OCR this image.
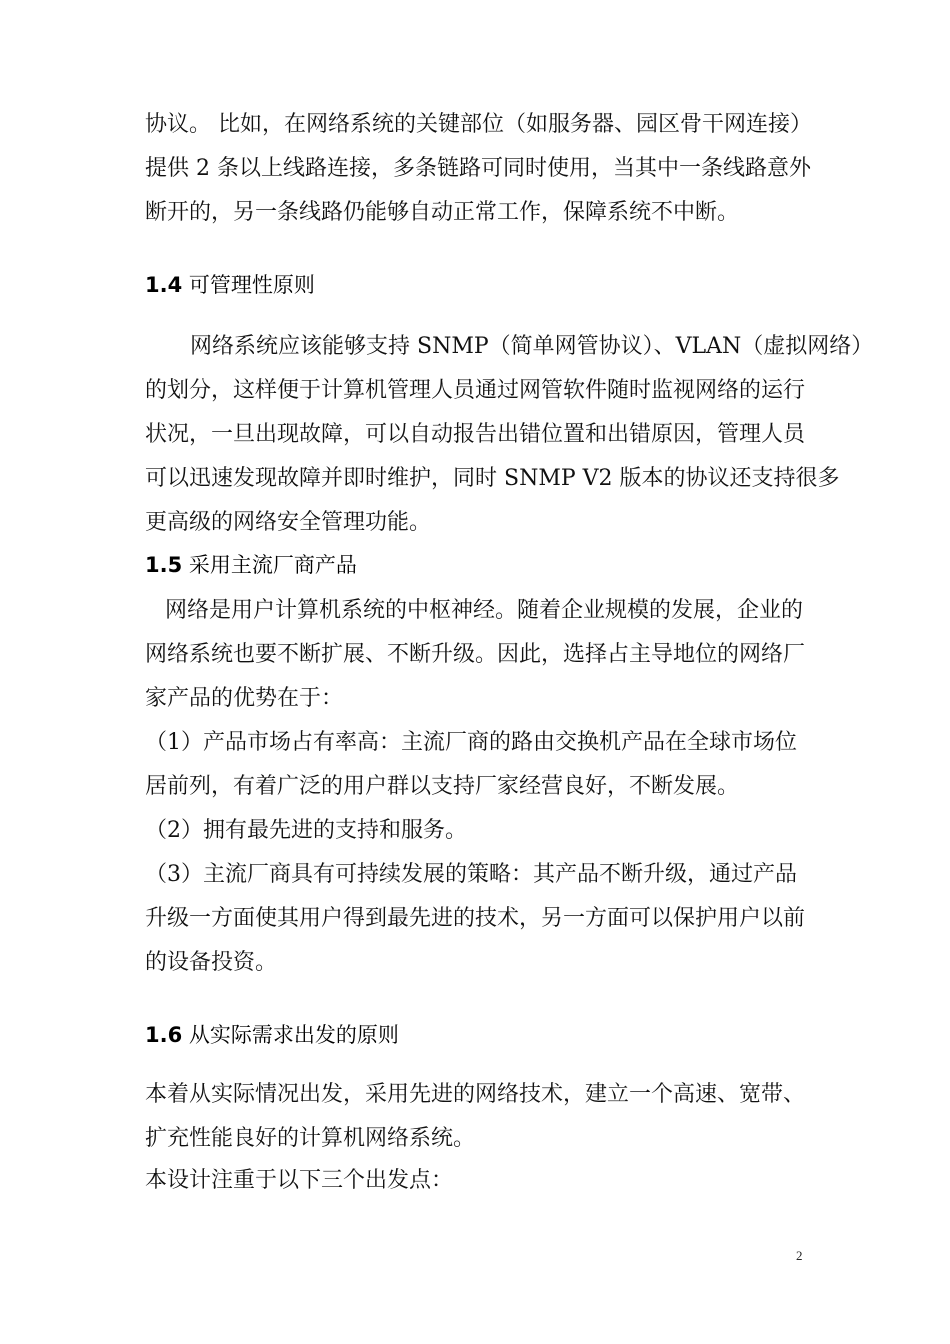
协议。 比如，在网络系统的关键部位（如服务器、园区骨干网连接）
提供 2 条以上线路连接，多条链路可同时使用，当其中一条线路意外
断开的，另一条线路仍能够自动正常工作，保障系统不中断。
1.4 可管理性原则
网络系统应该能够支持 SNMP（简单网管协议）、VLAN（虚拟网络）
的划分，这样便于计算机管理人员通过网管软件随时监视网络的运行
状况，一旦出现故障，可以自动报告出错位置和出错原因，管理人员
可以迅速发现故障并即时维护，同时 SNMP V2 版本的协议还支持很多
更高级的网络安全管理功能。
1.5 采用主流厂商产品
网络是用户计算机系统的中枢神经。随着企业规模的发展，企业的
网络系统也要不断扩展、不断升级。因此，选择占主导地位的网络厂
家产品的优势在于：
（1）产品市场占有率高：主流厂商的路由交换机产品在全球市场位
居前列，有着广泛的用户群以支持厂家经营良好，不断发展。
（2）拥有最先进的支持和服务。
（3）主流厂商具有可持续发展的策略：其产品不断升级，通过产品
升级一方面使其用户得到最先进的技术，另一方面可以保护用户以前
的设备投资。
1.6 从实际需求出发的原则
本着从实际情况出发，采用先进的网络技术，建立一个高速、宽带、
扩充性能良好的计算机网络系统。
本设计注重于以下三个出发点：
2
